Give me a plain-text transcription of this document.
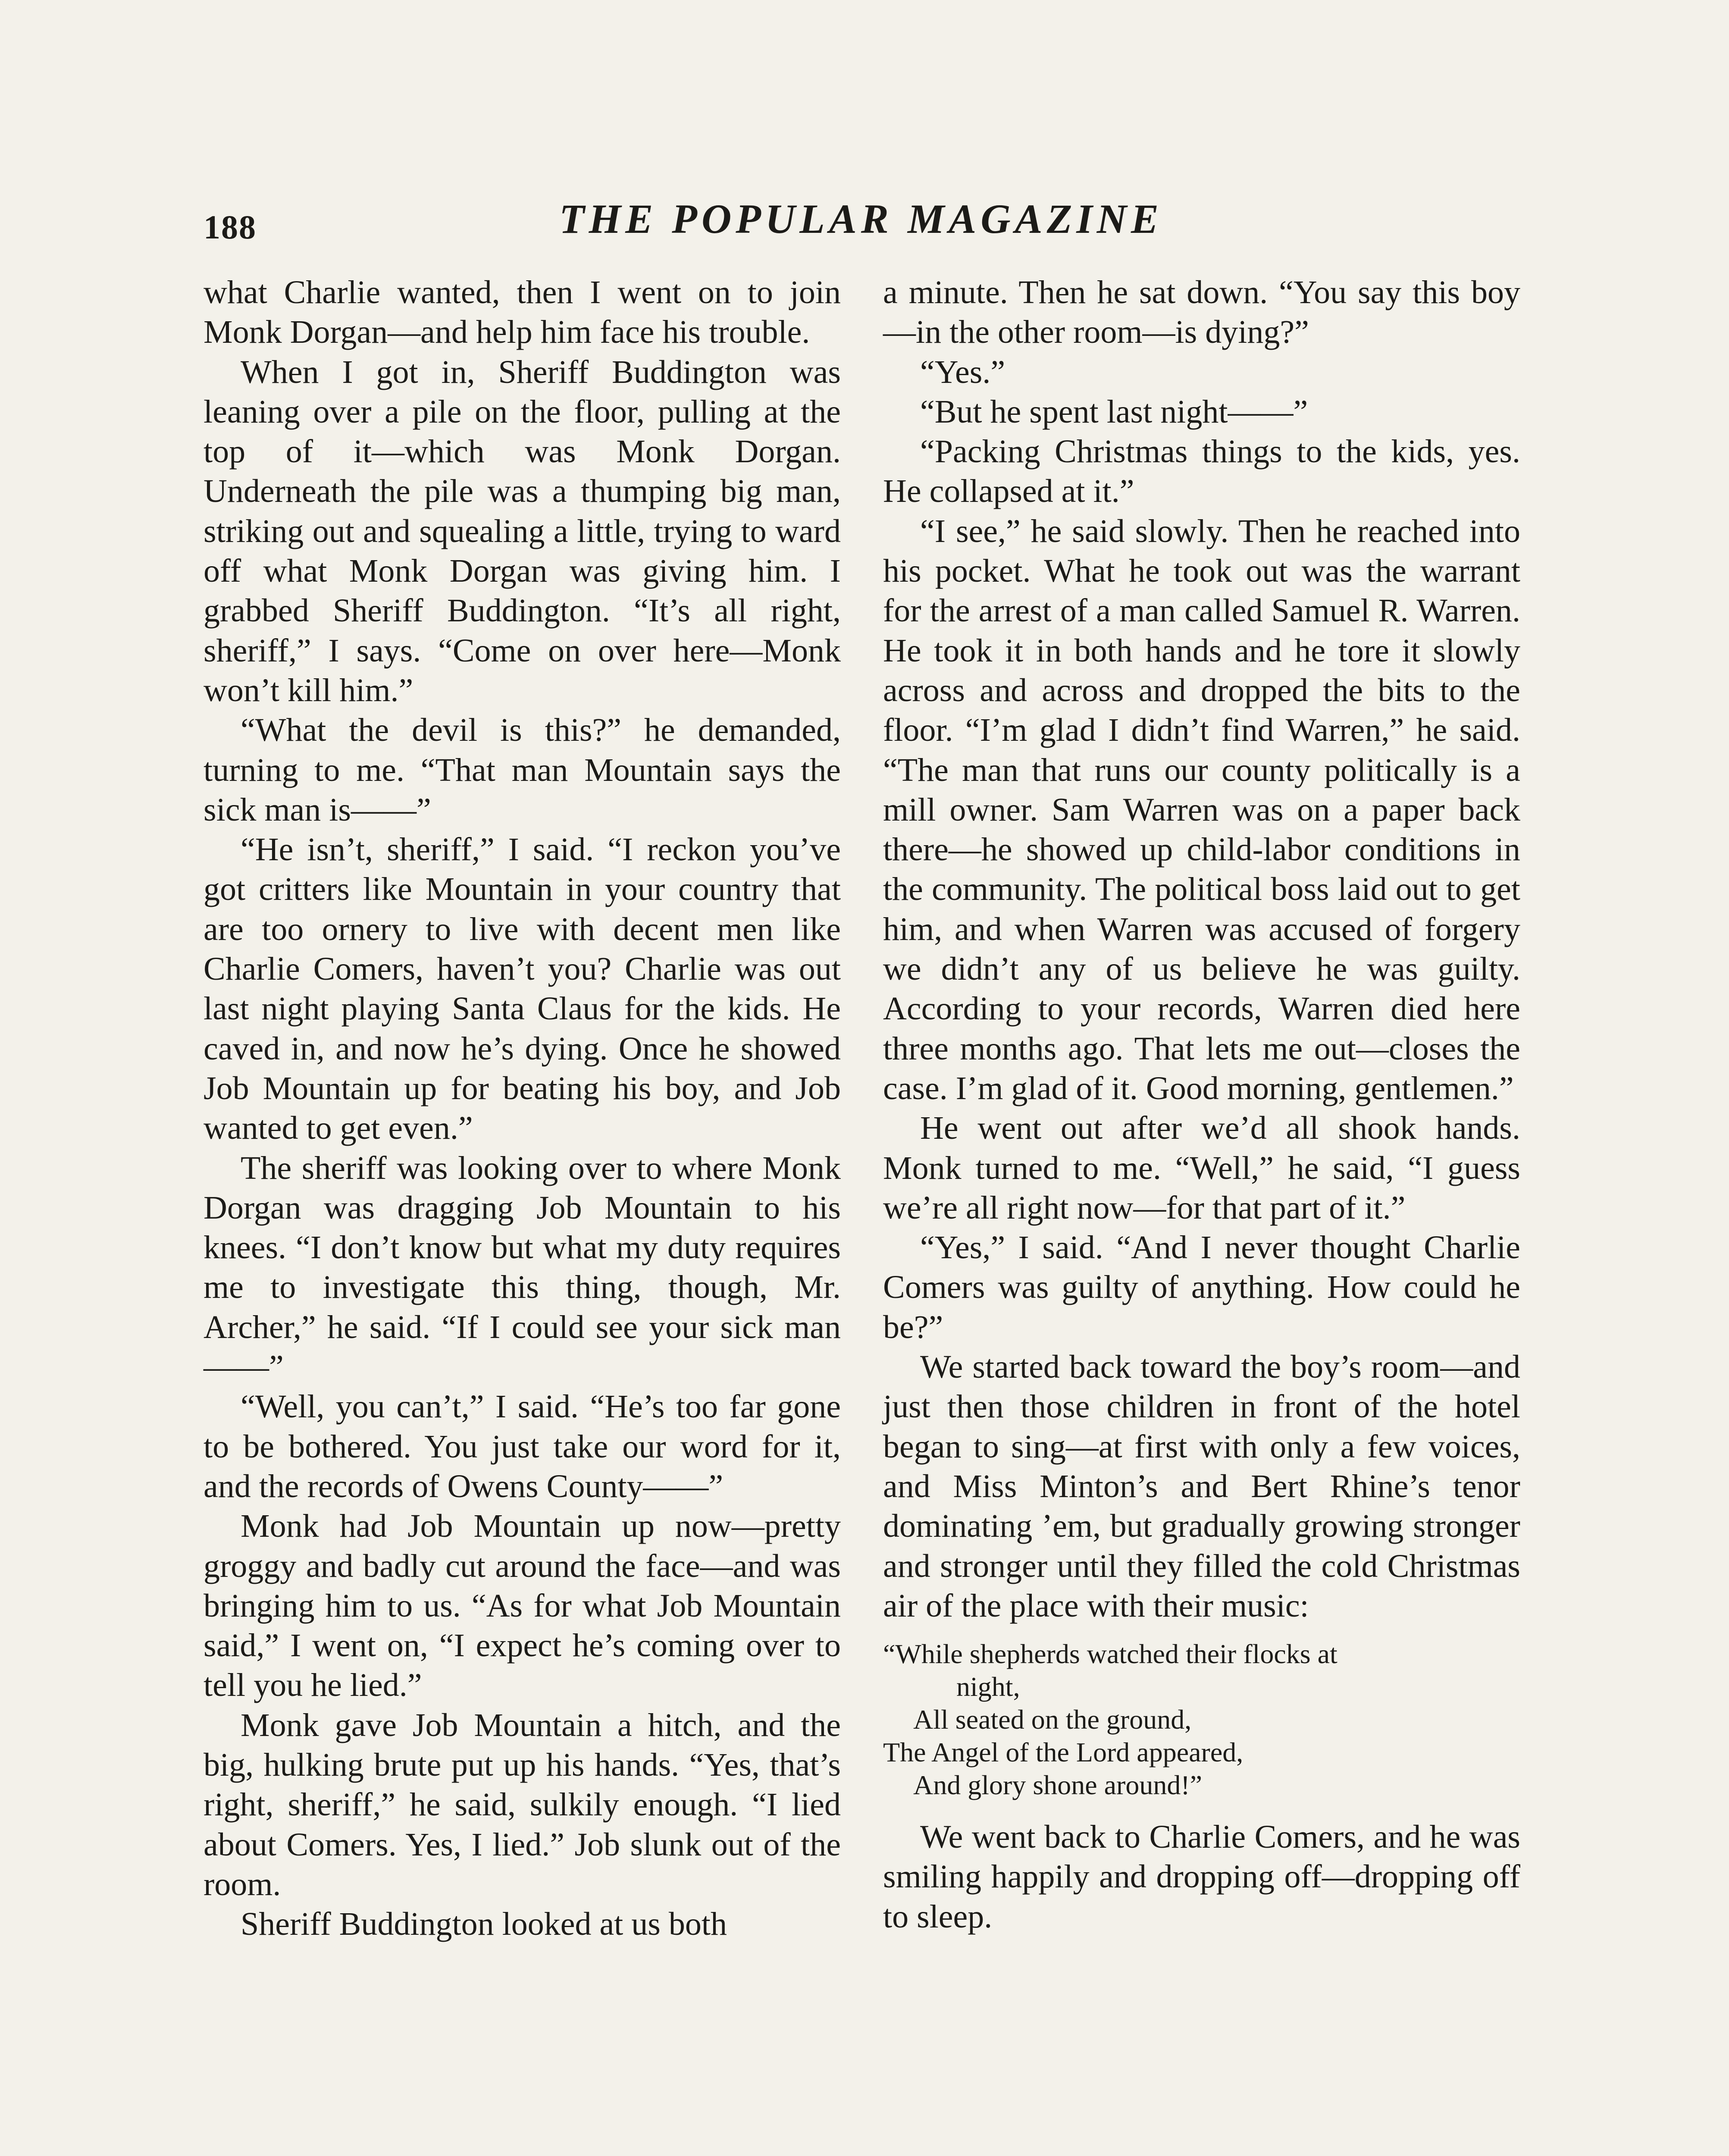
188	THE POPULAR MAGAZINE

what Charlie wanted, then I went on to join Monk Dorgan—and help him face his trouble.

When I got in, Sheriff Buddington was leaning over a pile on the floor, pulling at the top of it—which was Monk Dorgan. Underneath the pile was a thumping big man, striking out and squealing a little, trying to ward off what Monk Dorgan was giving him. I grabbed Sheriff Buddington. “It’s all right, sheriff,” I says. “Come on over here—Monk won’t kill him.”

“What the devil is this?” he demanded, turning to me. “That man Mountain says the sick man is——”

“He isn’t, sheriff,” I said. “I reckon you’ve got critters like Mountain in your country that are too ornery to live with decent men like Charlie Comers, haven’t you? Charlie was out last night playing Santa Claus for the kids. He caved in, and now he’s dying. Once he showed Job Mountain up for beating his boy, and Job wanted to get even.”

The sheriff was looking over to where Monk Dorgan was dragging Job Mountain to his knees. “I don’t know but what my duty requires me to investigate this thing, though, Mr. Archer,” he said. “If I could see your sick man——”

“Well, you can’t,” I said. “He’s too far gone to be bothered. You just take our word for it, and the records of Owens County——”

Monk had Job Mountain up now—pretty groggy and badly cut around the face—and was bringing him to us. “As for what Job Mountain said,” I went on, “I expect he’s coming over to tell you he lied.”

Monk gave Job Mountain a hitch, and the big, hulking brute put up his hands. “Yes, that’s right, sheriff,” he said, sulkily enough. “I lied about Comers. Yes, I lied.” Job slunk out of the room.

Sheriff Buddington looked at us both

a minute. Then he sat down. “You say this boy—in the other room—is dying?”

“Yes.”

“But he spent last night——”

“Packing Christmas things to the kids, yes. He collapsed at it.”

“I see,” he said slowly. Then he reached into his pocket. What he took out was the warrant for the arrest of a man called Samuel R. Warren. He took it in both hands and he tore it slowly across and across and dropped the bits to the floor. “I’m glad I didn’t find Warren,” he said. “The man that runs our county politically is a mill owner. Sam Warren was on a paper back there—he showed up child-labor conditions in the community. The political boss laid out to get him, and when Warren was accused of forgery we didn’t any of us believe he was guilty. According to your records, Warren died here three months ago. That lets me out—closes the case. I’m glad of it. Good morning, gentlemen.”

He went out after we’d all shook hands. Monk turned to me. “Well,” he said, “I guess we’re all right now—for that part of it.”

“Yes,” I said. “And I never thought Charlie Comers was guilty of anything. How could he be?”

We started back toward the boy’s room—and just then those children in front of the hotel began to sing—at first with only a few voices, and Miss Minton’s and Bert Rhine’s tenor dominating ’em, but gradually growing stronger and stronger until they filled the cold Christmas air of the place with their music:

“While shepherds watched their flocks at
night,
All seated on the ground,
The Angel of the Lord appeared,
And glory shone around!”

We went back to Charlie Comers, and he was smiling happily and dropping off—dropping off to sleep.
